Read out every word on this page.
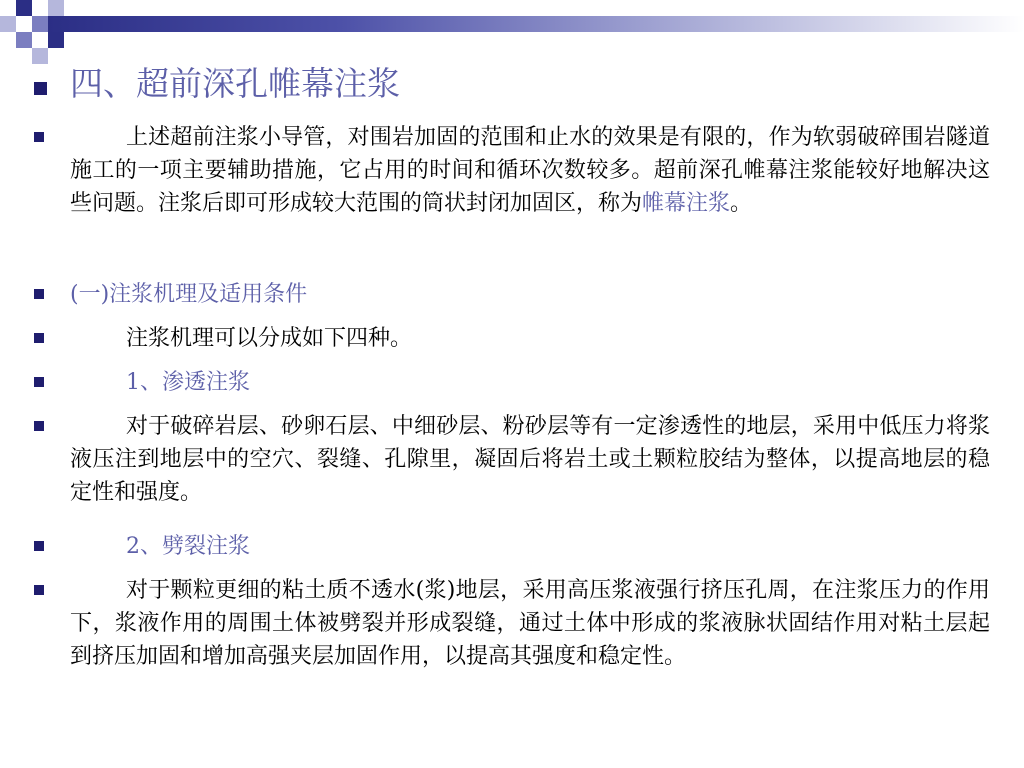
四、超前深孔帷幕注浆
上述超前注浆小导管，对围岩加固的范围和止水的效果是有限的，作为软弱破碎围岩隧道施工的一项主要辅助措施，它占用的时间和循环次数较多。超前深孔帷幕注浆能较好地解决这些问题。注浆后即可形成较大范围的筒状封闭加固区，称为帷幕注浆。
(一)注浆机理及适用条件
注浆机理可以分成如下四种。
1、渗透注浆
对于破碎岩层、砂卵石层、中细砂层、粉砂层等有一定渗透性的地层，采用中低压力将浆液压注到地层中的空穴、裂缝、孔隙里，凝固后将岩土或土颗粒胶结为整体，以提高地层的稳定性和强度。
2、劈裂注浆
对于颗粒更细的粘土质不透水(浆)地层，采用高压浆液强行挤压孔周，在注浆压力的作用下，浆液作用的周围土体被劈裂并形成裂缝，通过土体中形成的浆液脉状固结作用对粘土层起到挤压加固和增加高强夹层加固作用，以提高其强度和稳定性。
